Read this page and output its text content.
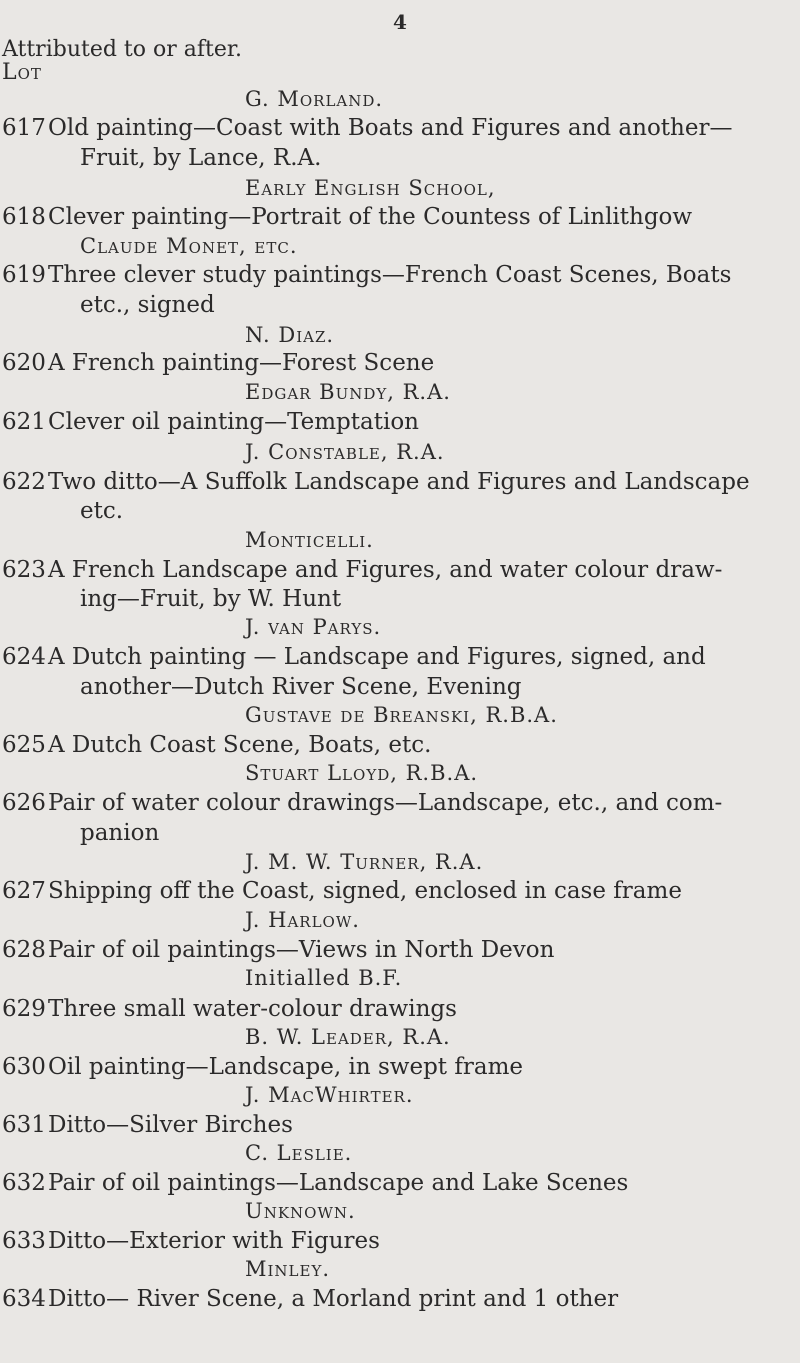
4
Attributed to or after.
Lot
G. Morland.
617 Old painting—Coast with Boats and Figures and another—
Fruit, by Lance, R.A.
Early English School,
618 Clever painting—Portrait of the Countess of Linlithgow
Claude Monet, etc.
619 Three clever study paintings—French Coast Scenes, Boats
etc., signed
N. Diaz.
620 A French painting—Forest Scene
Edgar Bundy, R.A.
621 Clever oil painting—Temptation
J. Constable, R.A.
622 Two ditto—A Suffolk Landscape and Figures and Landscape
etc.
Monticelli.
623 A French Landscape and Figures, and water colour draw-
ing—Fruit, by W. Hunt
J. van Parys.
624 A Dutch painting — Landscape and Figures, signed, and
another—Dutch River Scene, Evening
Gustave de Breanski, R.B.A.
625 A Dutch Coast Scene, Boats, etc.
Stuart Lloyd, R.B.A.
626 Pair of water colour drawings—Landscape, etc., and com-
panion
J. M. W. Turner, R.A.
627 Shipping off the Coast, signed, enclosed in case frame
J. Harlow.
628 Pair of oil paintings—Views in North Devon
Initialled B.F.
629 Three small water-colour drawings
B. W. Leader, R.A.
630 Oil painting—Landscape, in swept frame
J. MacWhirter.
631 Ditto—Silver Birches
C. Leslie.
632 Pair of oil paintings—Landscape and Lake Scenes
Unknown.
633 Ditto—Exterior with Figures
Minley.
634 Ditto— River Scene, a Morland print and 1 other
